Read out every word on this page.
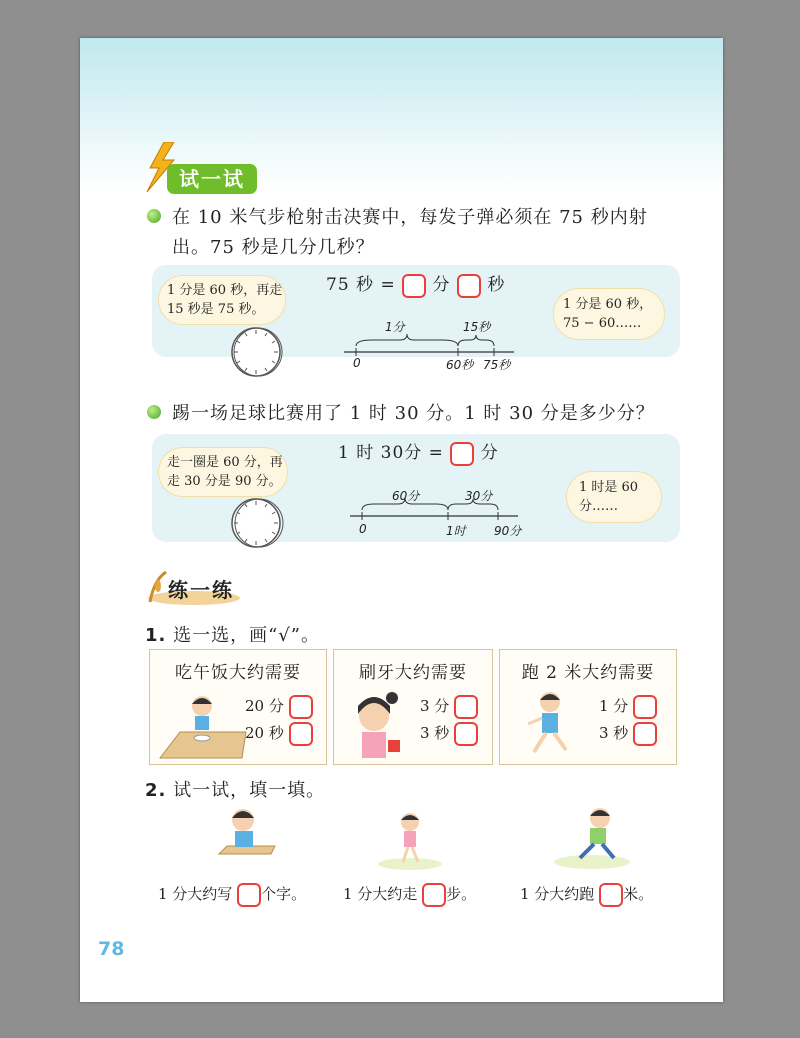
试一试
在 10 米气步枪射击决赛中，每发子弹必须在 75 秒内射
出。75 秒是几分几秒？
75 秒 = 分 秒
1 分是 60 秒，再走
15 秒是 75 秒。
1分	15秒
0	60秒 75秒
1 分是 60 秒，
75 − 60……
踢一场足球比赛用了 1 时 30 分。1 时 30 分是多少分？
1 时 30分 = 分
走一圈是 60 分，再
走 30 分是 90 分。
60分	30分
0	1时 90分
1 时是 60
分……
练一练
1. 选一选，画“√”。
吃午饭大约需要
20 分
20 秒
刷牙大约需要
3 分
3 秒
跑 2 米大约需要
1 分
3 秒
2. 试一试，填一填。
1 分大约写 个字。 1 分大约走 步。	1 分大约跑 米。
78
